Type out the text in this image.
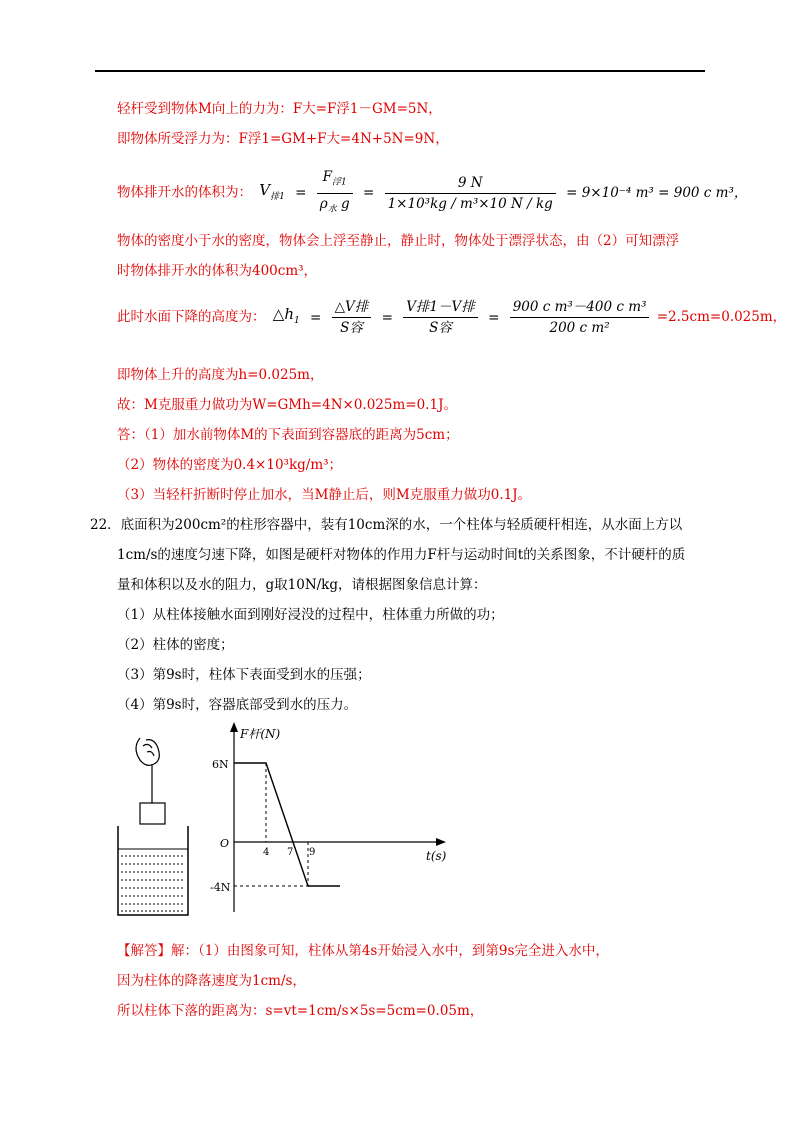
轻杆受到物体M向上的力为：F大=F浮1－GM=5N，
即物体所受浮力为：F浮1=GM+F大=4N+5N=9N，
物体排开水的体积为： $V_{排1} = \frac{F_{浮1}}{\rho_水 g} = \frac{9 N}{\text{1×10³kg / m³×10 N / kg}} = 9\times 10^{-4}$ m³ = 900 c m³，
物体的密度小于水的密度，物体会上浮至静止，静止时，物体处于漂浮状态，由（2）可知漂浮
时物体排开水的体积为400cm³，
此时水面下降的高度为： $\triangle h_1 = \frac{\text{△V排}}{\text{S容}} = \frac{\text{V排1－V排}}{\text{S容}} = \frac{\text{900 c m³－400 c m³}}{\text{200 c m²}} =2.5cm=0.025m$，
即物体上升的高度为h=0.025m，
故：M克服重力做功为W=GMh=4N×0.025m=0.1J。
答：（1）加水前物体M的下表面到容器底的距离为5cm；
（2）物体的密度为0.4×10³kg/m³；
（3）当轻杆折断时停止加水，当M静止后，则M克服重力做功0.1J。
22．底面积为200cm²的柱形容器中，装有10cm深的水，一个柱体与轻质硬杆相连，从水面上方以
1cm/s的速度匀速下降，如图是硬杆对物体的作用力F杆与运动时间t的关系图象，不计硬杆的质
量和体积以及水的阻力，g取10N/kg，请根据图象信息计算：
（1）从柱体接触水面到刚好浸没的过程中，柱体重力所做的功；
（2）柱体的密度；
（3）第9s时，柱体下表面受到水的压强；
（4）第9s时，容器底部受到水的压力。
F杆(N)
t(s)
O
6N
-4N
4 7 9
【解答】解：（1）由图象可知，柱体从第4s开始浸入水中，到第9s完全进入水中，
因为柱体的降落速度为1cm/s，
所以柱体下落的距离为：s=vt=1cm/s×5s=5cm=0.05m，
